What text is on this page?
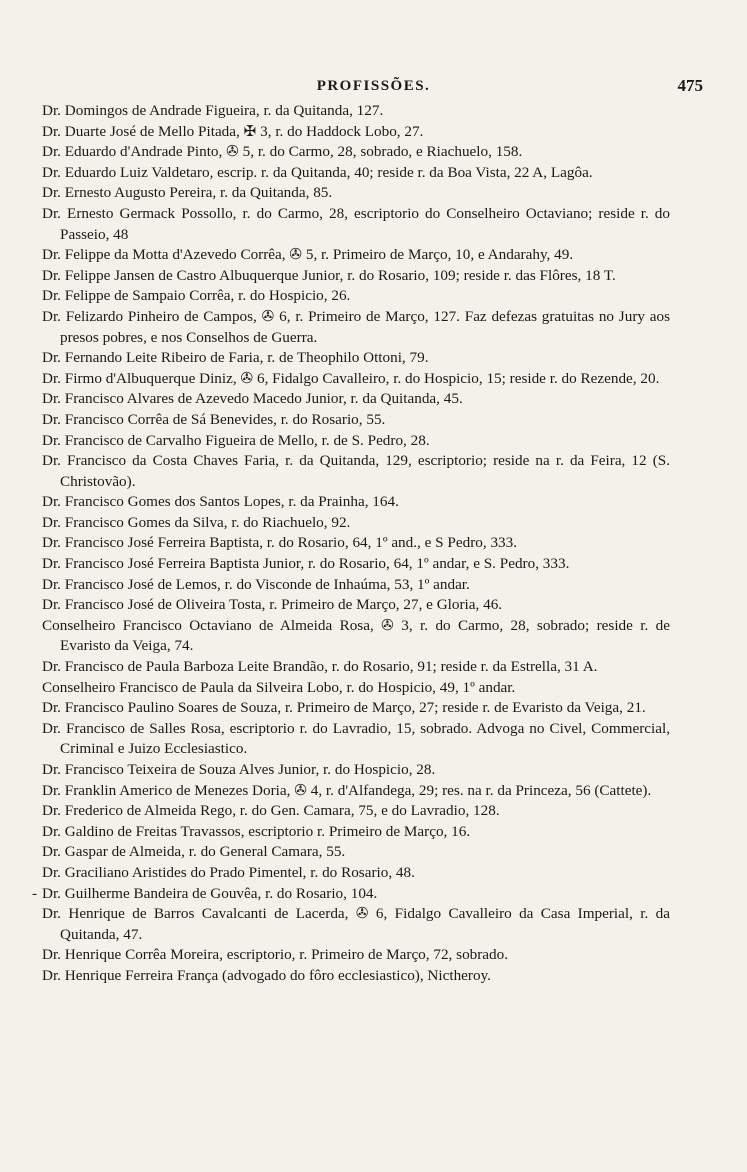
PROFISSÕES.	475

Dr. Domingos de Andrade Figueira, r. da Quitanda, 127.

Dr. Duarte José de Mello Pitada, ✠ 3, r. do Haddock Lobo, 27.

Dr. Eduardo d'Andrade Pinto, ✇ 5, r. do Carmo, 28, sobrado, e Riachuelo, 158.

Dr. Eduardo Luiz Valdetaro, escrip. r. da Quitanda, 40; reside r. da Boa Vista, 22 A, Lagôa.

Dr. Ernesto Augusto Pereira, r. da Quitanda, 85.

Dr. Ernesto Germack Possollo, r. do Carmo, 28, escriptorio do Conselheiro Octaviano; reside r. do Passeio, 48

Dr. Felippe da Motta d'Azevedo Corrêa, ✇ 5, r. Primeiro de Março, 10, e Andarahy, 49.

Dr. Felippe Jansen de Castro Albuquerque Junior, r. do Rosario, 109; reside r. das Flôres, 18 T.

Dr. Felippe de Sampaio Corrêa, r. do Hospicio, 26.

Dr. Felizardo Pinheiro de Campos, ✇ 6, r. Primeiro de Março, 127. Faz defezas gratuitas no Jury aos presos pobres, e nos Conselhos de Guerra.

Dr. Fernando Leite Ribeiro de Faria, r. de Theophilo Ottoni, 79.

Dr. Firmo d'Albuquerque Diniz, ✇ 6, Fidalgo Cavalleiro, r. do Hospicio, 15; reside r. do Rezende, 20.

Dr. Francisco Alvares de Azevedo Macedo Junior, r. da Quitanda, 45.

Dr. Francisco Corrêa de Sá Benevides, r. do Rosario, 55.

Dr. Francisco de Carvalho Figueira de Mello, r. de S. Pedro, 28.

Dr. Francisco da Costa Chaves Faria, r. da Quitanda, 129, escriptorio; reside na r. da Feira, 12 (S. Christovão).

Dr. Francisco Gomes dos Santos Lopes, r. da Prainha, 164.

Dr. Francisco Gomes da Silva, r. do Riachuelo, 92.

Dr. Francisco José Ferreira Baptista, r. do Rosario, 64, 1º and., e S Pedro, 333.

Dr. Francisco José Ferreira Baptista Junior, r. do Rosario, 64, 1º andar, e S. Pedro, 333.

Dr. Francisco José de Lemos, r. do Visconde de Inhaúma, 53, 1º andar.

Dr. Francisco José de Oliveira Tosta, r. Primeiro de Março, 27, e Gloria, 46.

Conselheiro Francisco Octaviano de Almeida Rosa, ✇ 3, r. do Carmo, 28, sobrado; reside r. de Evaristo da Veiga, 74.

Dr. Francisco de Paula Barboza Leite Brandão, r. do Rosario, 91; reside r. da Estrella, 31 A.

Conselheiro Francisco de Paula da Silveira Lobo, r. do Hospicio, 49, 1º andar.

Dr. Francisco Paulino Soares de Souza, r. Primeiro de Março, 27; reside r. de Evaristo da Veiga, 21.

Dr. Francisco de Salles Rosa, escriptorio r. do Lavradio, 15, sobrado. Advoga no Civel, Commercial, Criminal e Juizo Ecclesiastico.

Dr. Francisco Teixeira de Souza Alves Junior, r. do Hospicio, 28.

Dr. Franklin Americo de Menezes Doria, ✇ 4, r. d'Alfandega, 29; res. na r. da Princeza, 56 (Cattete).

Dr. Frederico de Almeida Rego, r. do Gen. Camara, 75, e do Lavradio, 128.

Dr. Galdino de Freitas Travassos, escriptorio r. Primeiro de Março, 16.

Dr. Gaspar de Almeida, r. do General Camara, 55.

Dr. Graciliano Aristides do Prado Pimentel, r. do Rosario, 48.

- Dr. Guilherme Bandeira de Gouvêa, r. do Rosario, 104.

Dr. Henrique de Barros Cavalcanti de Lacerda, ✇ 6, Fidalgo Cavalleiro da Casa Imperial, r. da Quitanda, 47.

Dr. Henrique Corrêa Moreira, escriptorio, r. Primeiro de Março, 72, sobrado.

Dr. Henrique Ferreira França (advogado do fôro ecclesiastico), Nictheroy.
